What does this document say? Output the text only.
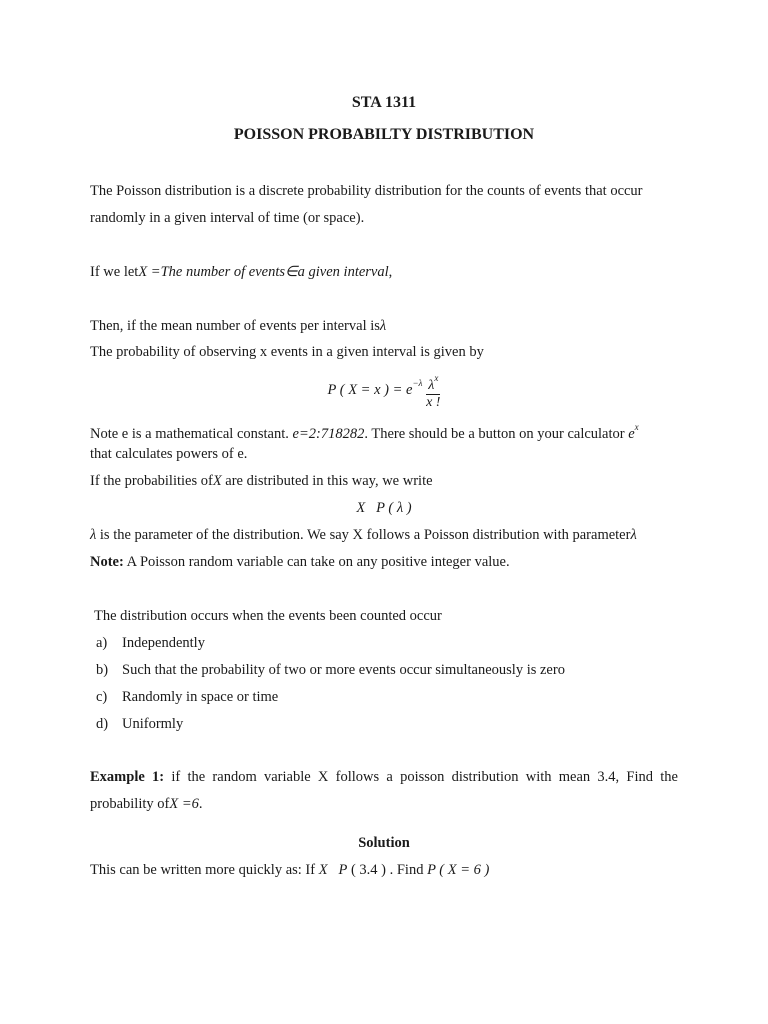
STA 1311
POISSON PROBABILTY DISTRIBUTION
The Poisson distribution is a discrete probability distribution for the counts of events that occur
randomly in a given interval of time (or space).
If we letX =The number of events∈a given interval,
Then, if the mean number of events per interval isλ
The probability of observing x events in a given interval is given by
P ( X = x ) = $e^{-\lambda} \frac{\lambda^x}{x !}$
Note e is a mathematical constant. e=2:718282. There should be a button on your calculator $e^x$
that calculates powers of e.
If the probabilities ofX are distributed in this way, we write
X   P ( λ )
λ is the parameter of the distribution. We say X follows a Poisson distribution with parameterλ
Note: A Poisson random variable can take on any positive integer value.
The distribution occurs when the events been counted occur
a) Independently
b) Such that the probability of two or more events occur simultaneously is zero
c) Randomly in space or time
d) Uniformly
Example 1: if the random variable X follows a poisson distribution with mean 3.4, Find the
probability ofX =6.
Solution
This can be written more quickly as: If X   P ( 3.4 ) . Find P ( X = 6 )
